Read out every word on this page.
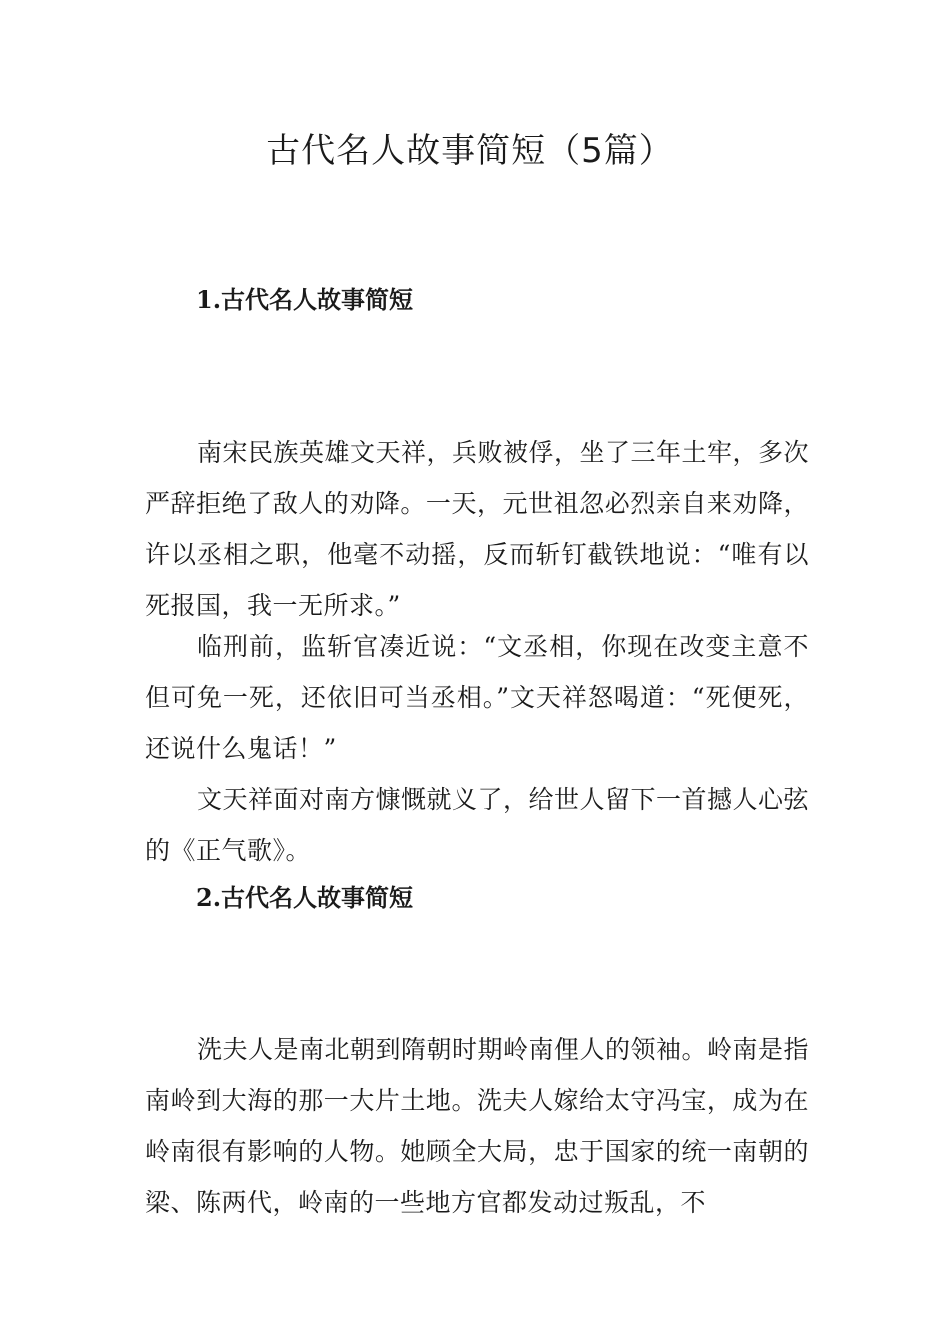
古代名人故事简短（5篇）
1.古代名人故事简短

南宋民族英雄文天祥，兵败被俘，坐了三年土牢，多次严辞拒绝了敌人的劝降。一天，元世祖忽必烈亲自来劝降，许以丞相之职，他毫不动摇，反而斩钉截铁地说：“唯有以死报国，我一无所求。”

临刑前，监斩官凑近说：“文丞相，你现在改变主意不但可免一死，还依旧可当丞相。”文天祥怒喝道：“死便死，还说什么鬼话！”

文天祥面对南方慷慨就义了，给世人留下一首撼人心弦的《正气歌》。

2.古代名人故事简短

洗夫人是南北朝到隋朝时期岭南俚人的领袖。岭南是指南岭到大海的那一大片土地。洗夫人嫁给太守冯宝，成为在岭南很有影响的人物。她顾全大局，忠于国家的统一南朝的梁、陈两代，岭南的一些地方官都发动过叛乱，不
